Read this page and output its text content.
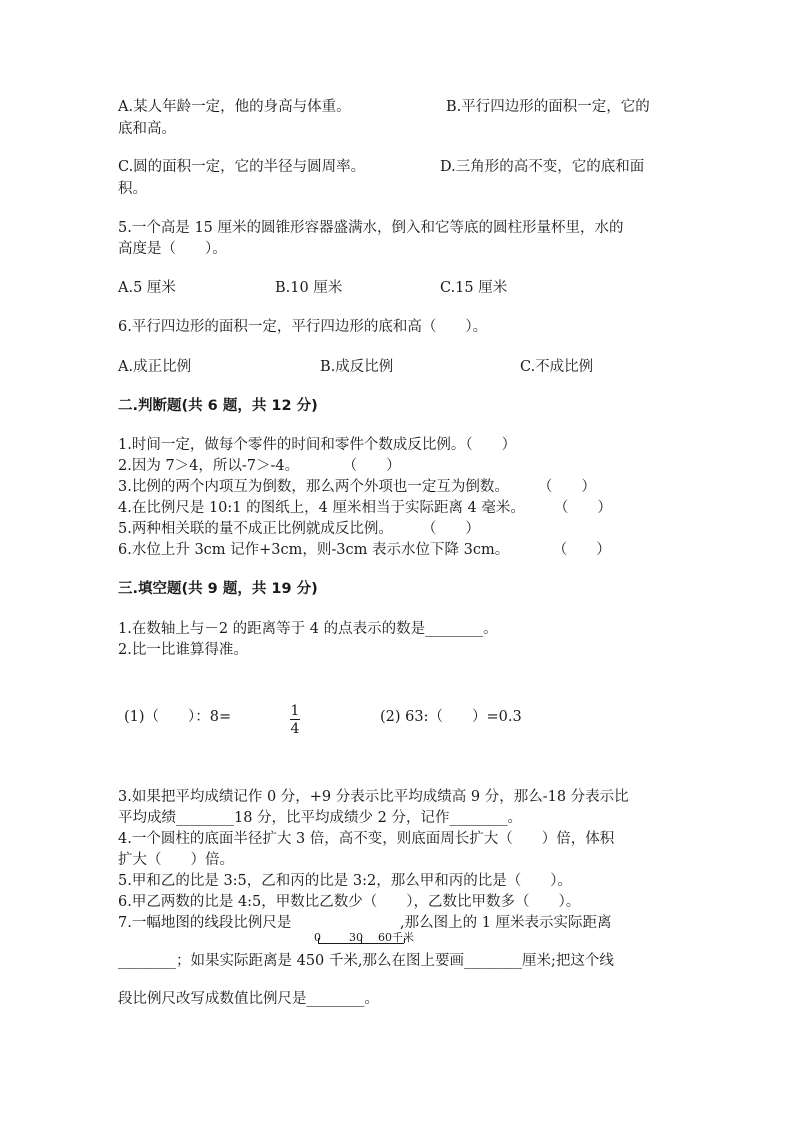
A.某人年龄一定，他的身高与体重。	B.平行四边形的面积一定，它的
底和高。
C.圆的面积一定，它的半径与圆周率。	D.三角形的高不变，它的底和面
积。
5.一个高是 15 厘米的圆锥形容器盛满水，倒入和它等底的圆柱形量杯里，水的
高度是（　　）。
A.5 厘米	B.10 厘米	C.15 厘米
6.平行四边形的面积一定，平行四边形的底和高（　　）。
A.成正比例	B.成反比例	C.不成比例
二.判断题(共 6 题，共 12 分)
1.时间一定，做每个零件的时间和零件个数成反比例。（　　）
2.因为 7＞4，所以-7＞-4。　　　　（　　）
3.比例的两个内项互为倒数，那么两个外项也一定互为倒数。　　　（　　）
4.在比例尺是 10:1 的图纸上，4 厘米相当于实际距离 4 毫米。　　　（　　）
5.两种相关联的量不成正比例就成反比例。　　　（　　）
6.水位上升 3cm 记作+3cm，则-3cm 表示水位下降 3cm。　　　　（　　）
三.填空题(共 9 题，共 19 分)
1.在数轴上与－2 的距离等于 4 的点表示的数是________。
2.比一比谁算得准。
(1)（　　）：8=	1
4
(2) 63:（　　）=0.3
3.如果把平均成绩记作 0 分，+9 分表示比平均成绩高 9 分，那么-18 分表示比
平均成绩________18 分，比平均成绩少 2 分，记作________。
4.一个圆柱的底面半径扩大 3 倍，高不变，则底面周长扩大（　　）倍，体积
扩大（　　）倍。
5.甲和乙的比是 3:5，乙和丙的比是 3:2，那么甲和丙的比是（　　）。
6.甲乙两数的比是 4:5，甲数比乙数少（　　），乙数比甲数多（　　）。
7.一幅地图的线段比例尺是	,那么图上的 1 厘米表示实际距离
0	30 60千米
________；如果实际距离是 450 千米,那么在图上要画________厘米;把这个线
段比例尺改写成数值比例尺是________。
